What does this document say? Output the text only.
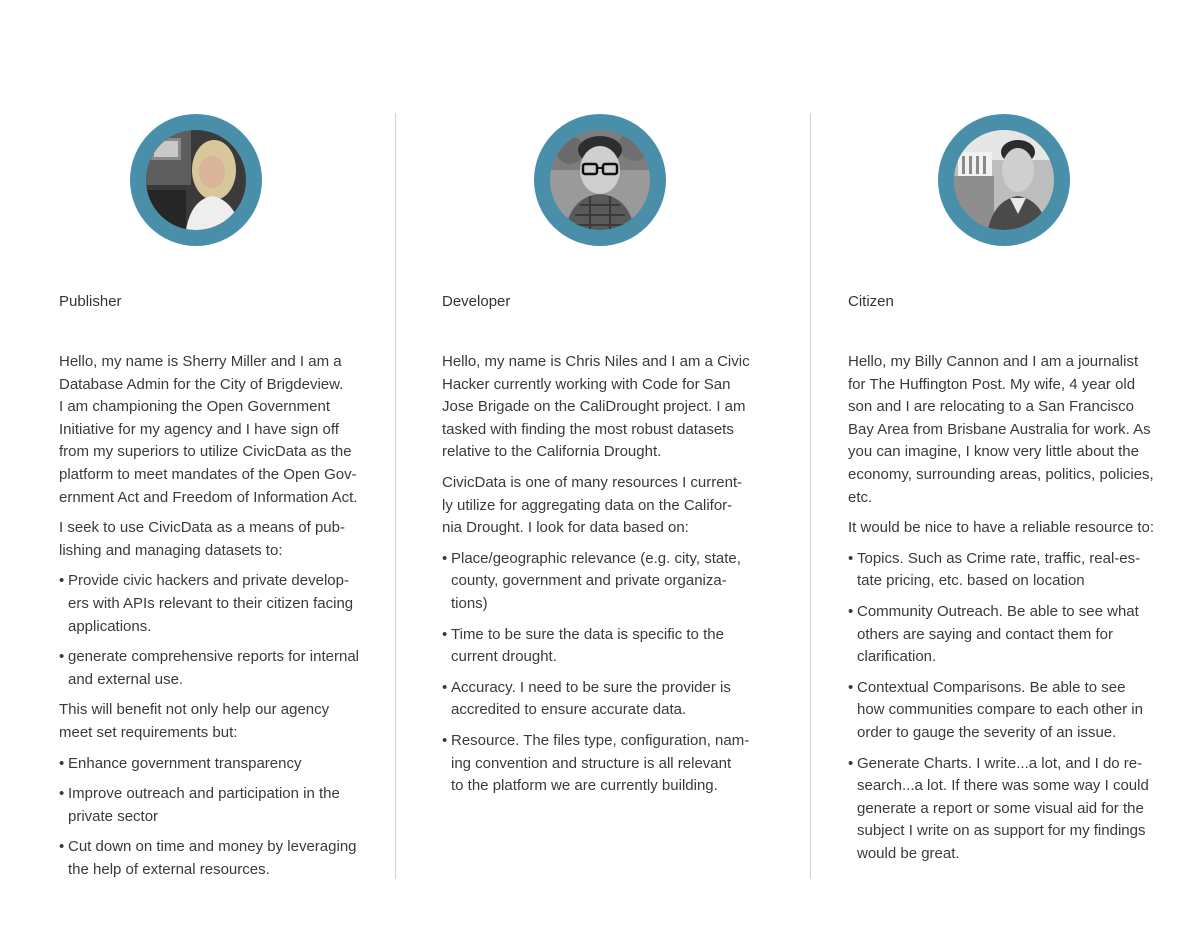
Publisher

Hello, my name is Sherry Miller and I am a
Database Admin for the City of Brigdeview.
I am championing the Open Government
Initiative for my agency and I have sign off
from my superiors to utilize CivicData as the
platform to meet mandates of the Open Gov-
ernment Act and Freedom of Information Act.

I seek to use CivicData as a means of pub-
lishing and managing datasets to:

• Provide civic hackers and private develop-
ers with APIs relevant to their citizen facing
applications.
• generate comprehensive reports for internal
and external use.

This will benefit not only help our agency
meet set requirements but:

• Enhance government transparency
• Improve outreach and participation in the
private sector
• Cut down on time and money by leveraging
the help of external resources.
Developer

Hello, my name is Chris Niles and I am a Civic
Hacker currently working with Code for San
Jose Brigade on the CaliDrought project. I am
tasked with finding the most robust datasets
relative to the California Drought.

CivicData is one of many resources I current-
ly utilize for aggregating data on the Califor-
nia Drought. I look for data based on:

• Place/geographic relevance (e.g. city, state,
county, government and private organiza-
tions)
• Time to be sure the data is specific to the
current drought.
• Accuracy. I need to be sure the provider is
accredited to ensure accurate data.
• Resource. The files type, configuration, nam-
ing convention and structure is all relevant
to the platform we are currently building.
Citizen

Hello, my Billy Cannon and I am a journalist
for The Huffington Post. My wife, 4 year old
son and I are relocating to a San Francisco
Bay Area from Brisbane Australia for work. As
you can imagine, I know very little about the
economy, surrounding areas, politics, policies,
etc.

It would be nice to have a reliable resource to:

• Topics. Such as Crime rate, traffic, real-es-
tate pricing, etc. based on location
• Community Outreach. Be able to see what
others are saying and contact them for
clarification.
• Contextual Comparisons. Be able to see
how communities compare to each other in
order to gauge the severity of an issue.
• Generate Charts. I write...a lot, and I do re-
search...a lot. If there was some way I could
generate a report or some visual aid for the
subject I write on as support for my findings
would be great.
